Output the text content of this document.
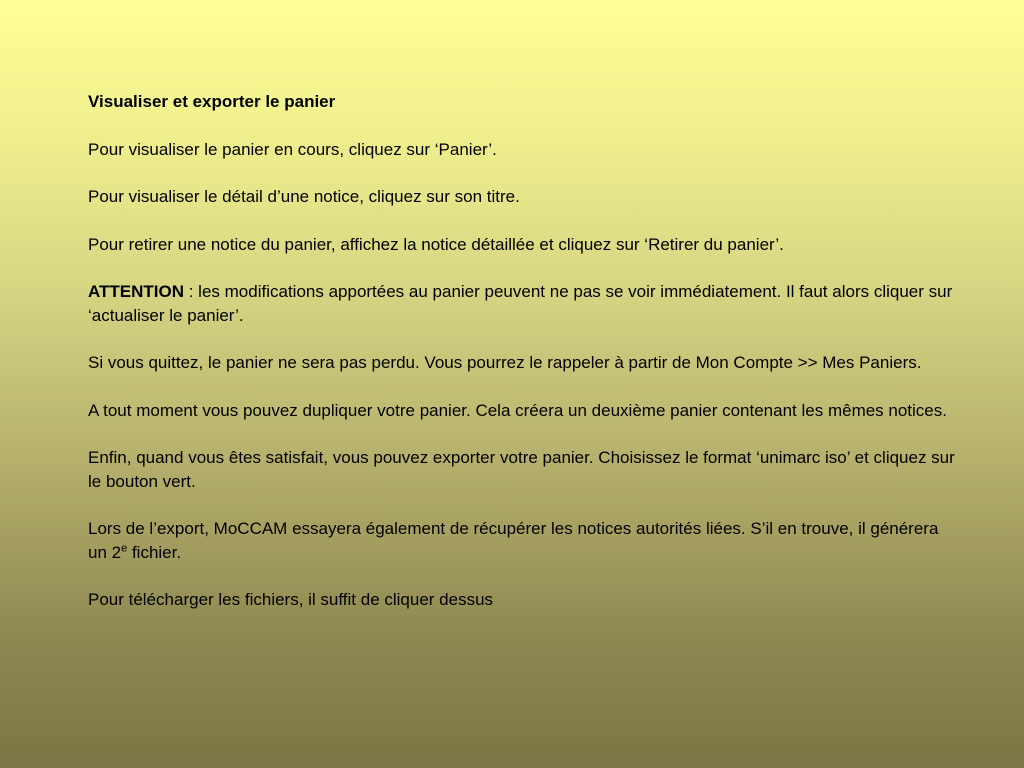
Visualiser et exporter le panier

Pour visualiser le panier en cours, cliquez sur ‘Panier’.

Pour visualiser le détail d’une notice, cliquez sur son titre.

Pour retirer une notice du panier, affichez la notice détaillée et cliquez sur ‘Retirer du panier’.

ATTENTION : les modifications apportées au panier peuvent ne pas se voir immédiatement. Il faut alors cliquer sur ‘actualiser le panier’.

Si vous quittez, le panier ne sera pas perdu. Vous pourrez le rappeler à partir de Mon Compte >> Mes Paniers.

A tout moment vous pouvez dupliquer votre panier. Cela créera un deuxième panier contenant les mêmes notices.

Enfin, quand vous êtes satisfait, vous pouvez exporter votre panier. Choisissez le format ‘unimarc iso’ et cliquez sur le bouton vert.

Lors de l’export, MoCCAM essayera également de récupérer les notices autorités liées. S’il en trouve, il générera un 2e fichier.

Pour télécharger les fichiers, il suffit de cliquer dessus
